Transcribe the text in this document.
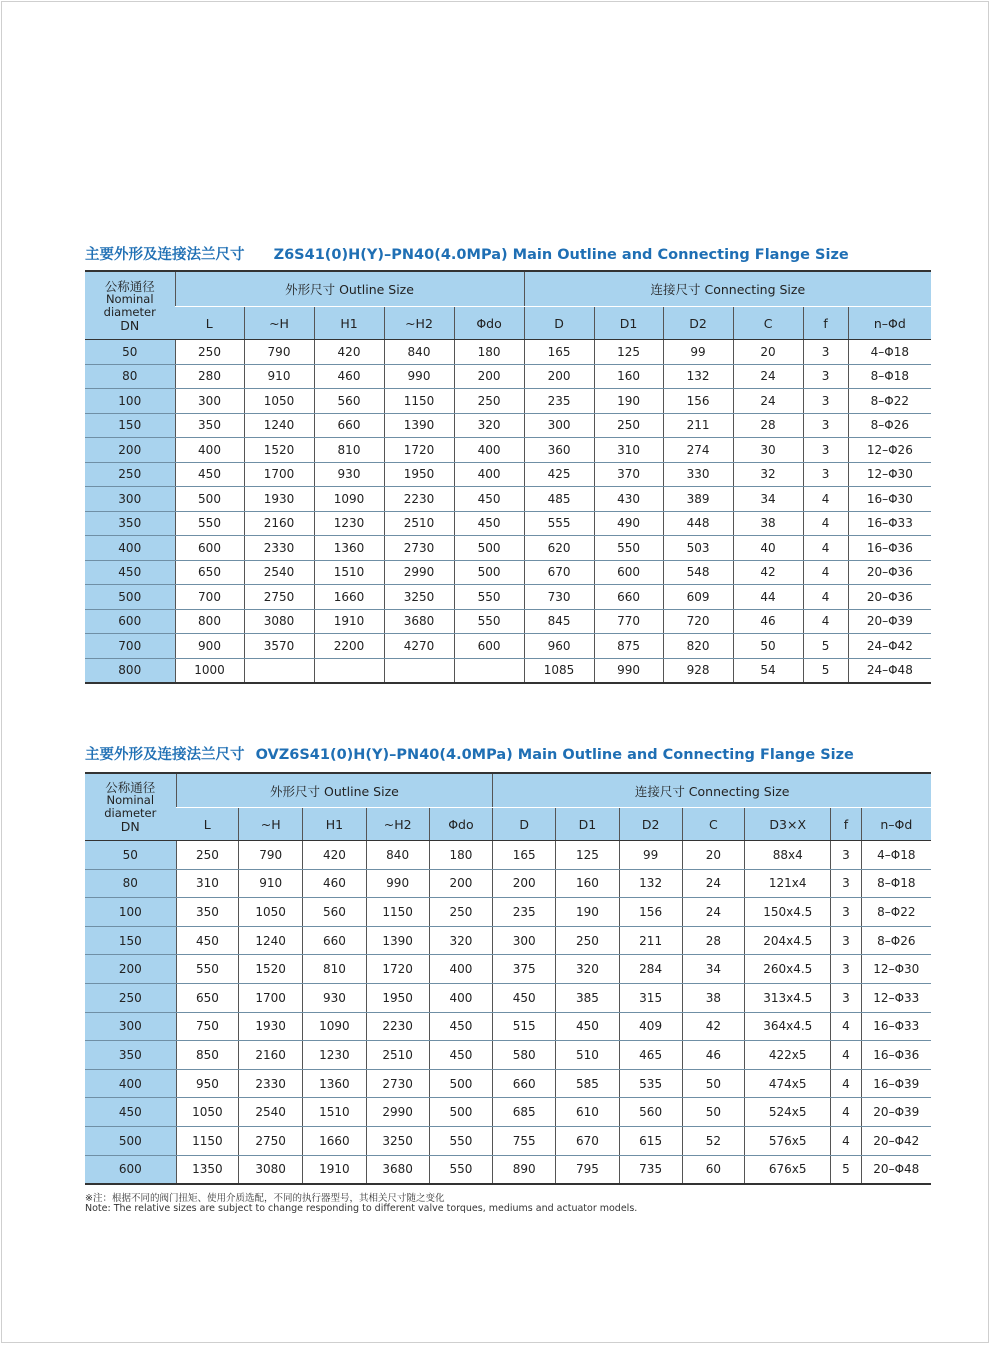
主要外形及连接法兰尺寸 Z6S41(0)H(Y)–PN40(4.0MPa) Main Outline and Connecting Flange Size
公称通径
Nominal
diameter
DN	外形尺寸 Outline Size					连接尺寸 Connecting Size					
	L	~H	H1	~H2	Φdo	D	D1	D2	C	f	n–Φd
50	250	790	420	840	180	165	125	99	20	3	4–Φ18
80	280	910	460	990	200	200	160	132	24	3	8–Φ18
100	300	1050	560	1150	250	235	190	156	24	3	8–Φ22
150	350	1240	660	1390	320	300	250	211	28	3	8–Φ26
200	400	1520	810	1720	400	360	310	274	30	3	12–Φ26
250	450	1700	930	1950	400	425	370	330	32	3	12–Φ30
300	500	1930	1090	2230	450	485	430	389	34	4	16–Φ30
350	550	2160	1230	2510	450	555	490	448	38	4	16–Φ33
400	600	2330	1360	2730	500	620	550	503	40	4	16–Φ36
450	650	2540	1510	2990	500	670	600	548	42	4	20–Φ36
500	700	2750	1660	3250	550	730	660	609	44	4	20–Φ36
600	800	3080	1910	3680	550	845	770	720	46	4	20–Φ39
700	900	3570	2200	4270	600	960	875	820	50	5	24–Φ42
800	1000					1085	990	928	54	5	24–Φ48
主要外形及连接法兰尺寸 OVZ6S41(0)H(Y)–PN40(4.0MPa) Main Outline and Connecting Flange Size
公称通径
Nominal
diameter
DN	外形尺寸 Outline Size					连接尺寸 Connecting Size						
	L	~H	H1	~H2	Φdo	D	D1	D2	C	D3×X	f	n–Φd
50	250	790	420	840	180	165	125	99	20	88x4	3	4–Φ18
80	310	910	460	990	200	200	160	132	24	121x4	3	8–Φ18
100	350	1050	560	1150	250	235	190	156	24	150x4.5	3	8–Φ22
150	450	1240	660	1390	320	300	250	211	28	204x4.5	3	8–Φ26
200	550	1520	810	1720	400	375	320	284	34	260x4.5	3	12–Φ30
250	650	1700	930	1950	400	450	385	315	38	313x4.5	3	12–Φ33
300	750	1930	1090	2230	450	515	450	409	42	364x4.5	4	16–Φ33
350	850	2160	1230	2510	450	580	510	465	46	422x5	4	16–Φ36
400	950	2330	1360	2730	500	660	585	535	50	474x5	4	16–Φ39
450	1050	2540	1510	2990	500	685	610	560	50	524x5	4	20–Φ39
500	1150	2750	1660	3250	550	755	670	615	52	576x5	4	20–Φ42
600	1350	3080	1910	3680	550	890	795	735	60	676x5	5	20–Φ48
※注：根据不同的阀门扭矩、使用介质选配，不同的执行器型号，其相关尺寸随之变化
Note: The relative sizes are subject to change responding to different valve torques, mediums and actuator models.
